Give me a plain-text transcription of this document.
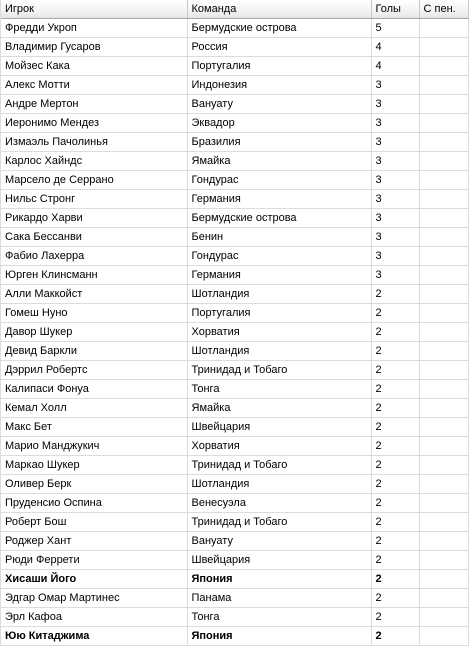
Игрок	Команда	Голы	С пен.
Фредди Укроп	Бермудские острова	5	
Владимир Гусаров	Россия	4	
Мойзес Кака	Португалия	4	
Алекс Мотти	Индонезия	3	
Андре Мертон	Вануату	3	
Иеронимо Мендез	Эквадор	3	
Измаэль Пачолинья	Бразилия	3	
Карлос Хайндс	Ямайка	3	
Марсело де Серрано	Гондурас	3	
Нильс Стронг	Германия	3	
Рикардо Харви	Бермудские острова	3	
Сака Бессанви	Бенин	3	
Фабио Лахерра	Гондурас	3	
Юрген Клинсманн	Германия	3	
Алли Маккойст	Шотландия	2	
Гомеш Нуно	Португалия	2	
Давор Шукер	Хорватия	2	
Девид Баркли	Шотландия	2	
Дэррил Робертс	Тринидад и Тобаго	2	
Калипаси Фонуа	Тонга	2	
Кемал Холл	Ямайка	2	
Макс Бет	Швейцария	2	
Марио Манджукич	Хорватия	2	
Маркао Шукер	Тринидад и Тобаго	2	
Оливер Берк	Шотландия	2	
Пруденсио Оспина	Венесуэла	2	
Роберт Бош	Тринидад и Тобаго	2	
Роджер Хант	Вануату	2	
Рюди Феррети	Швейцария	2	
Хисаши Його	Япония	2	
Эдгар Омар Мартинес	Панама	2	
Эрл Кафоа	Тонга	2	
Юю Китаджима	Япония	2	
